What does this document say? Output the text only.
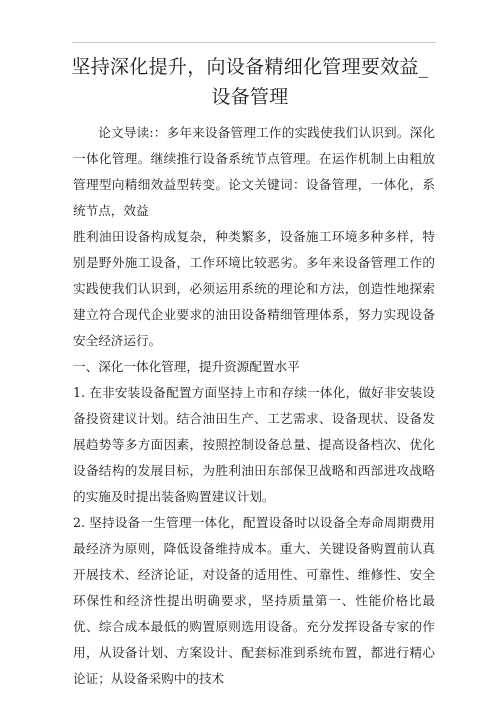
坚持深化提升，向设备精细化管理要效益_
设备管理

论文导读:：多年来设备管理工作的实践使我们认识到。深化一体化管理。继续推行设备系统节点管理。在运作机制上由粗放管理型向精细效益型转变。论文关键词：设备管理，一体化，系统节点，效益

胜利油田设备构成复杂，种类繁多，设备施工环境多种多样，特别是野外施工设备，工作环境比较恶劣。多年来设备管理工作的实践使我们认识到，必须运用系统的理论和方法，创造性地探索建立符合现代企业要求的油田设备精细管理体系，努力实现设备安全经济运行。

一、深化一体化管理，提升资源配置水平

1. 在非安装设备配置方面坚持上市和存续一体化，做好非安装设备投资建议计划。结合油田生产、工艺需求、设备现状、设备发展趋势等多方面因素，按照控制设备总量、提高设备档次、优化设备结构的发展目标，为胜利油田东部保卫战略和西部进攻战略的实施及时提出装备购置建议计划。

2. 坚持设备一生管理一体化，配置设备时以设备全寿命周期费用最经济为原则，降低设备维持成本。重大、关键设备购置前认真开展技术、经济论证，对设备的适用性、可靠性、维修性、安全环保性和经济性提出明确要求，坚持质量第一、性能价格比最优、综合成本最低的购置原则选用设备。充分发挥设备专家的作用，从设备计划、方案设计、配套标准到系统布置，都进行精心论证；从设备采购中的技术
